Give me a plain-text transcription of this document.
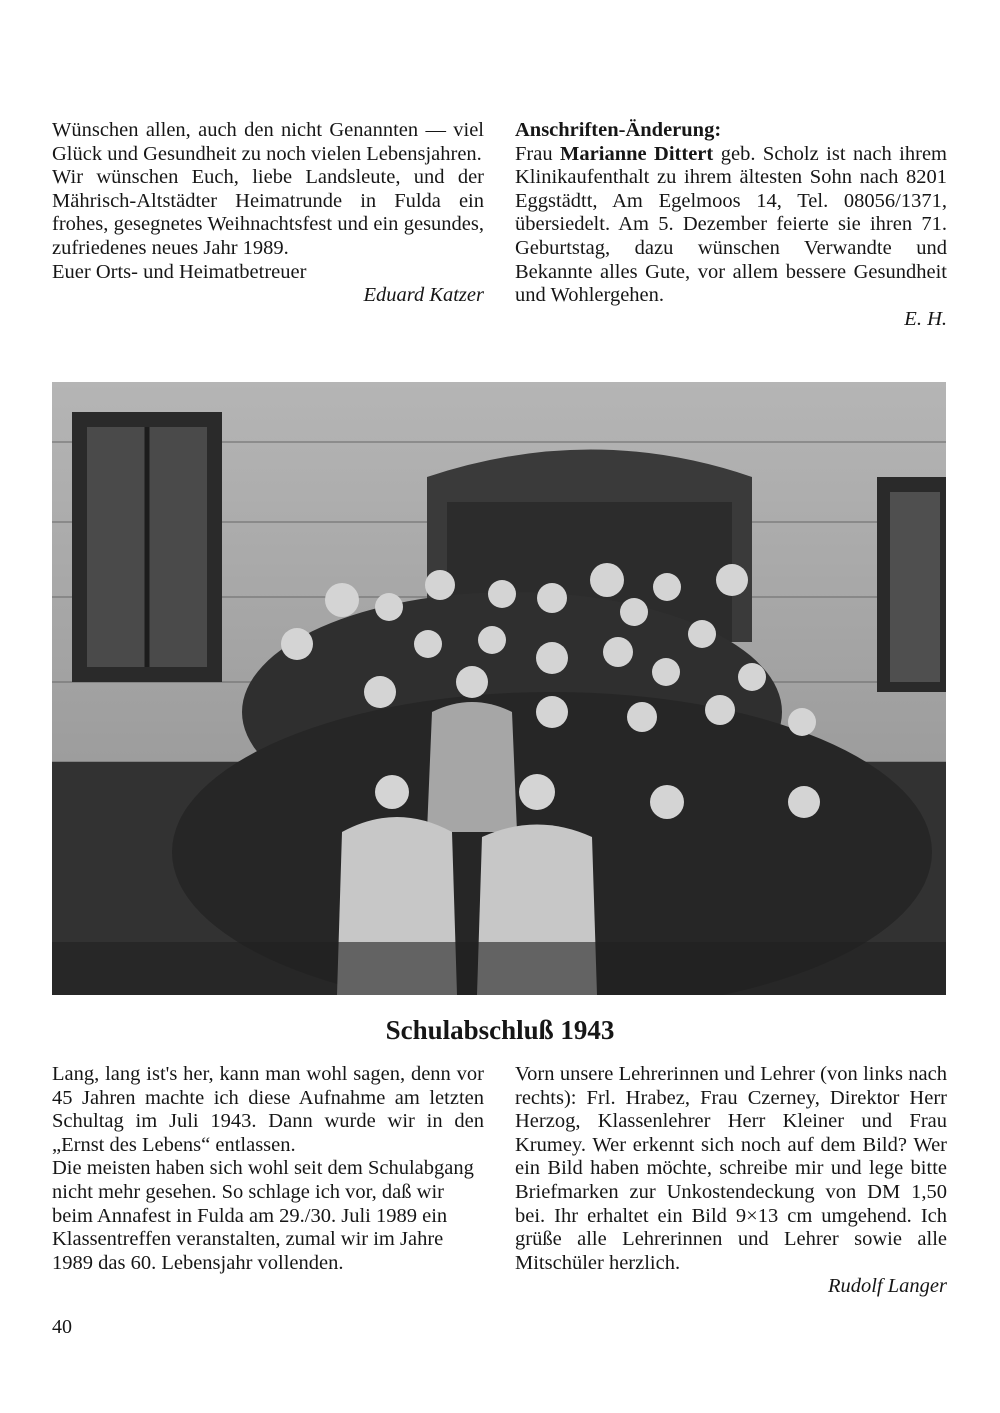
Wünschen allen, auch den nicht Genannten — viel Glück und Gesundheit zu noch vielen Lebensjahren.

Wir wünschen Euch, liebe Landsleute, und der Mährisch-Altstädter Heimatrunde in Fulda ein frohes, gesegnetes Weihnachtsfest und ein gesundes, zufriedenes neues Jahr 1989.

Euer Orts- und Heimatbetreuer

Eduard Katzer

Anschriften-Änderung:

Frau Marianne Dittert geb. Scholz ist nach ihrem Klinikaufenthalt zu ihrem ältesten Sohn nach 8201 Eggstädtt, Am Egelmoos 14, Tel. 08056/1371, übersiedelt. Am 5. Dezember feierte sie ihren 71. Geburtstag, dazu wünschen Verwandte und Bekannte alles Gute, vor allem bessere Gesundheit und Wohlergehen.

E. H.

Schulabschluß 1943

Lang, lang ist's her, kann man wohl sagen, denn vor 45 Jahren machte ich diese Aufnahme am letzten Schultag im Juli 1943. Dann wurde wir in den „Ernst des Lebens“ entlassen.

Die meisten haben sich wohl seit dem Schulabgang nicht mehr gesehen. So schlage ich vor, daß wir beim Annafest in Fulda am 29./30. Juli 1989 ein Klassentreffen veranstalten, zumal wir im Jahre 1989 das 60. Lebensjahr vollenden.

Vorn unsere Lehrerinnen und Lehrer (von links nach rechts): Frl. Hrabez, Frau Czerney, Direktor Herr Herzog, Klassenlehrer Herr Kleiner und Frau Krumey. Wer erkennt sich noch auf dem Bild? Wer ein Bild haben möchte, schreibe mir und lege bitte Briefmarken zur Unkostendeckung von DM 1,50 bei. Ihr erhaltet ein Bild 9×13 cm umgehend. Ich grüße alle Lehrerinnen und Lehrer sowie alle Mitschüler herzlich.

Rudolf Langer

40
